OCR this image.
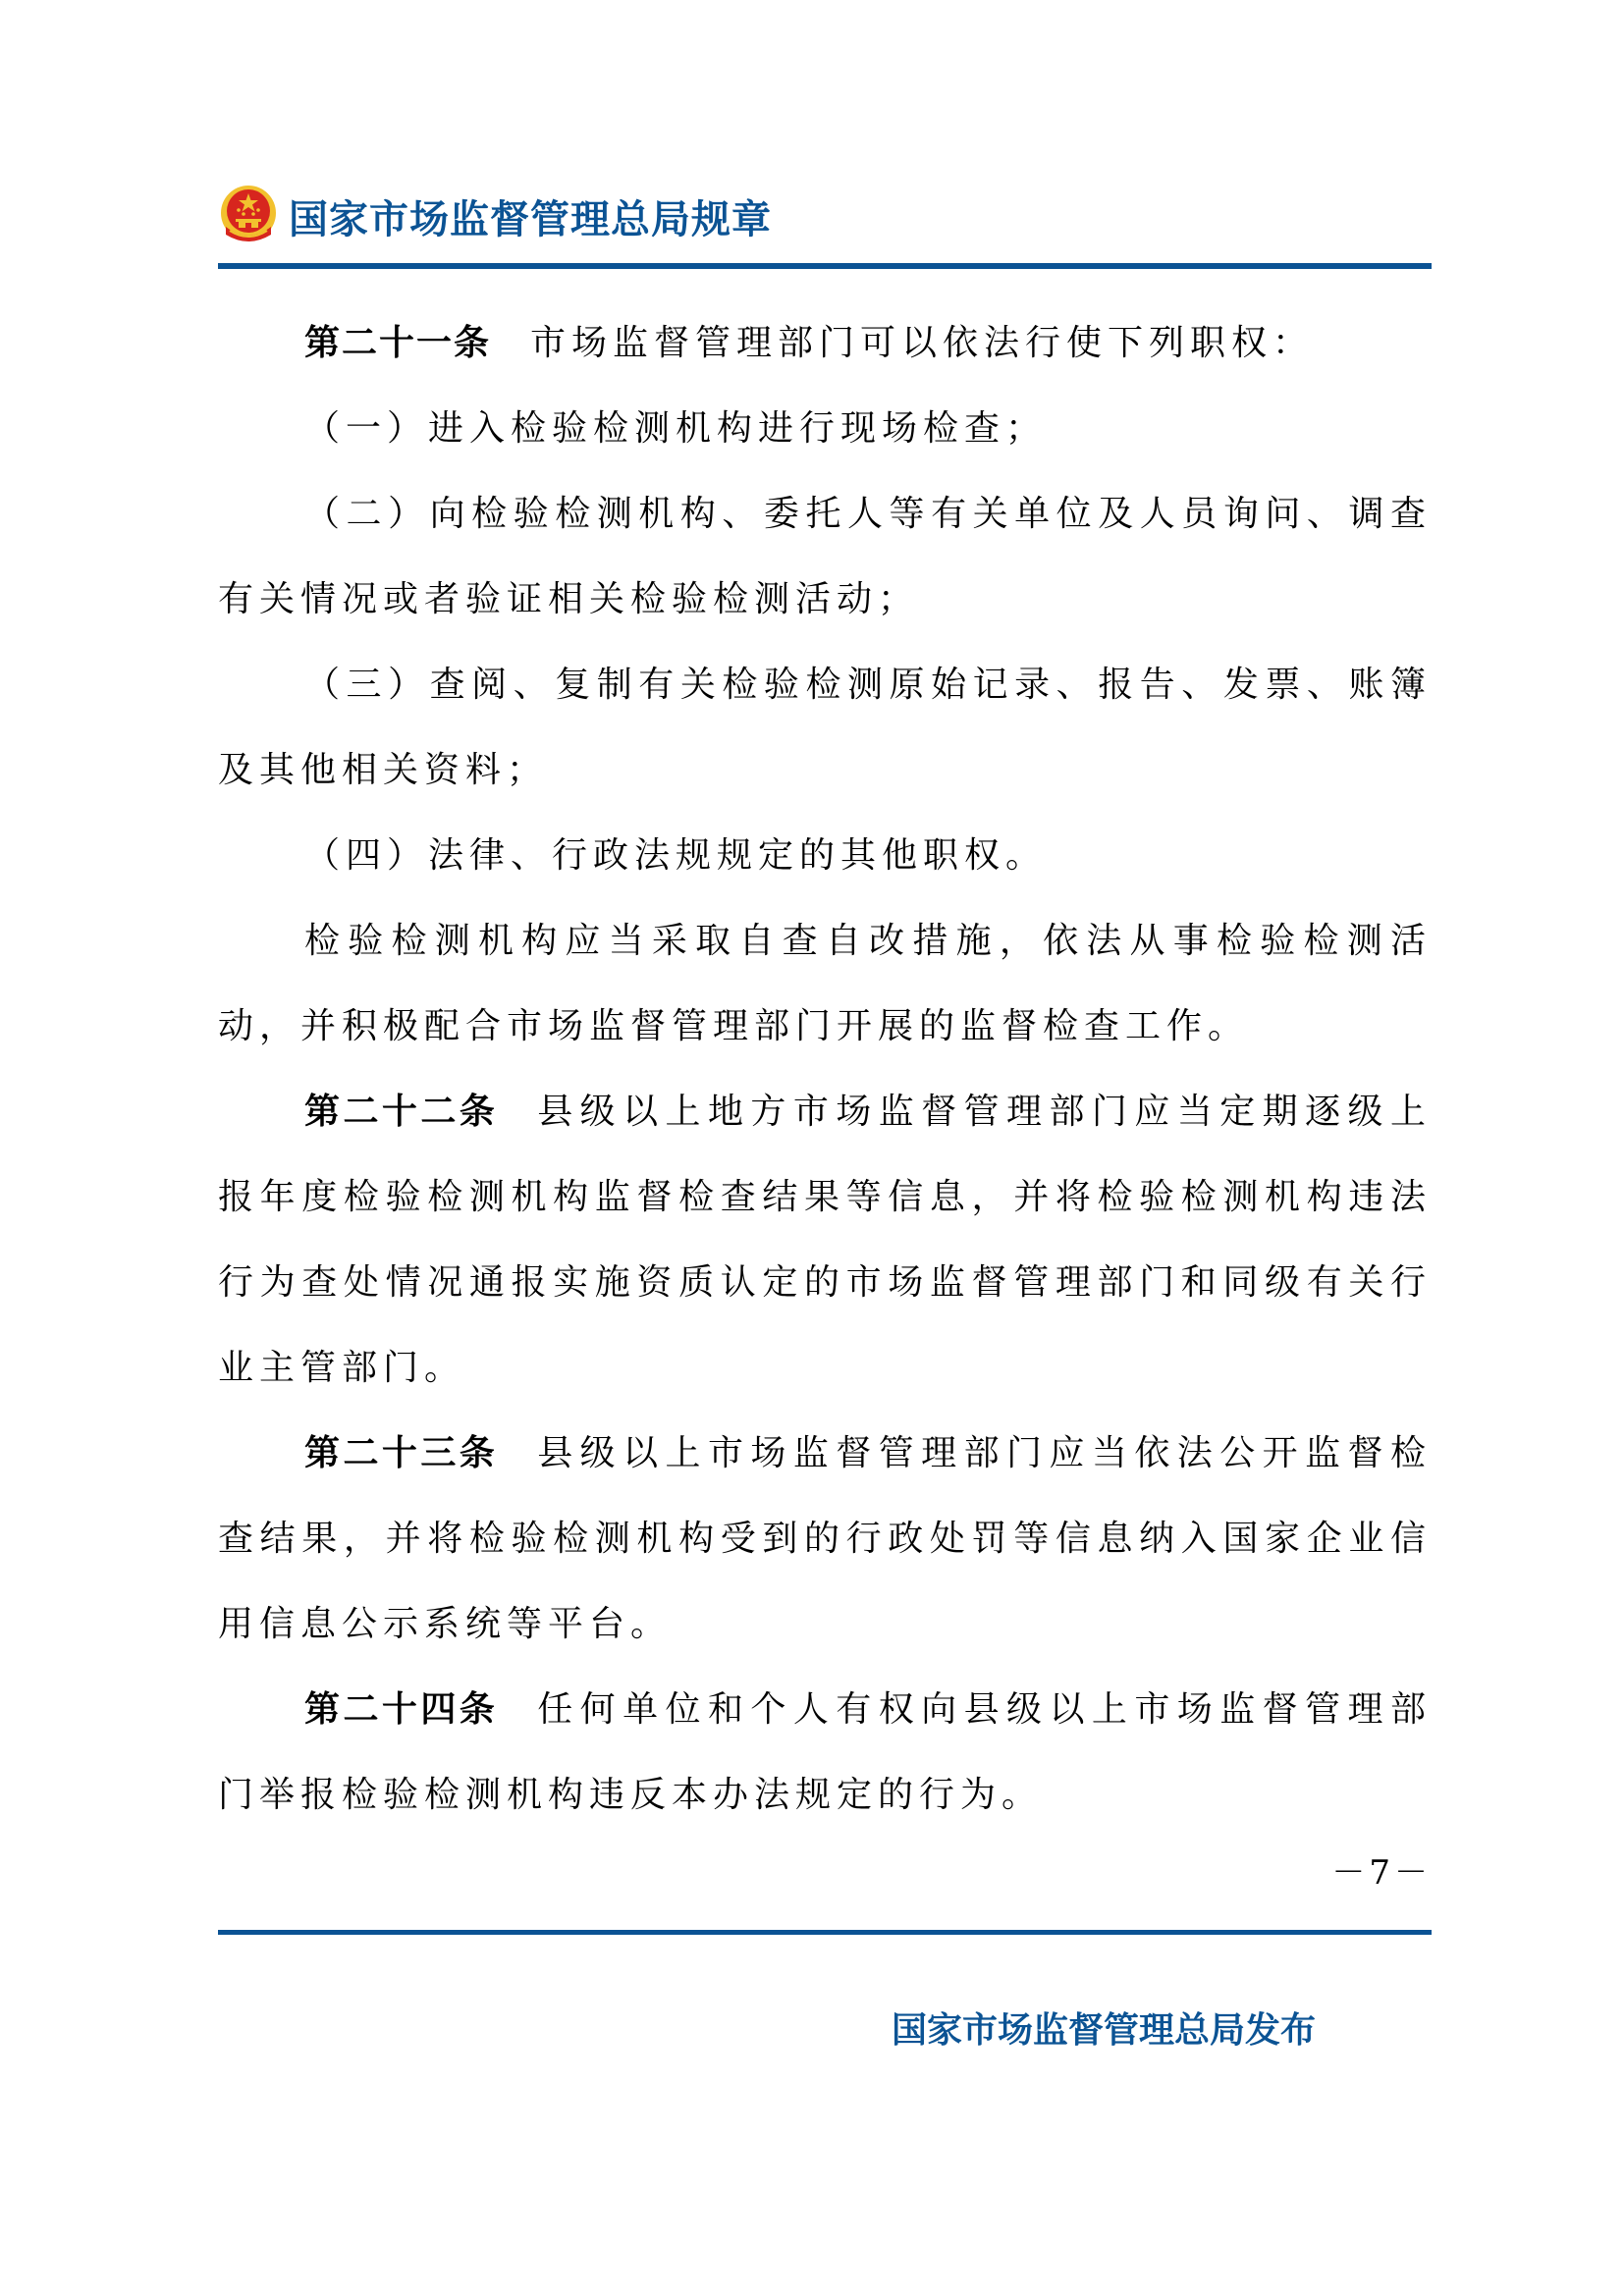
国家市场监督管理总局规章

第二十一条 市场监督管理部门可以依法行使下列职权：

（一）进入检验检测机构进行现场检查；

（二）向检验检测机构、委托人等有关单位及人员询问、调查有关情况或者验证相关检验检测活动；

（三）查阅、复制有关检验检测原始记录、报告、发票、账簿及其他相关资料；

（四）法律、行政法规规定的其他职权。

检验检测机构应当采取自查自改措施，依法从事检验检测活动，并积极配合市场监督管理部门开展的监督检查工作。

第二十二条 县级以上地方市场监督管理部门应当定期逐级上报年度检验检测机构监督检查结果等信息，并将检验检测机构违法行为查处情况通报实施资质认定的市场监督管理部门和同级有关行业主管部门。

第二十三条 县级以上市场监督管理部门应当依法公开监督检查结果，并将检验检测机构受到的行政处罚等信息纳入国家企业信用信息公示系统等平台。

第二十四条 任何单位和个人有权向县级以上市场监督管理部门举报检验检测机构违反本办法规定的行为。

－7－
国家市场监督管理总局发布
